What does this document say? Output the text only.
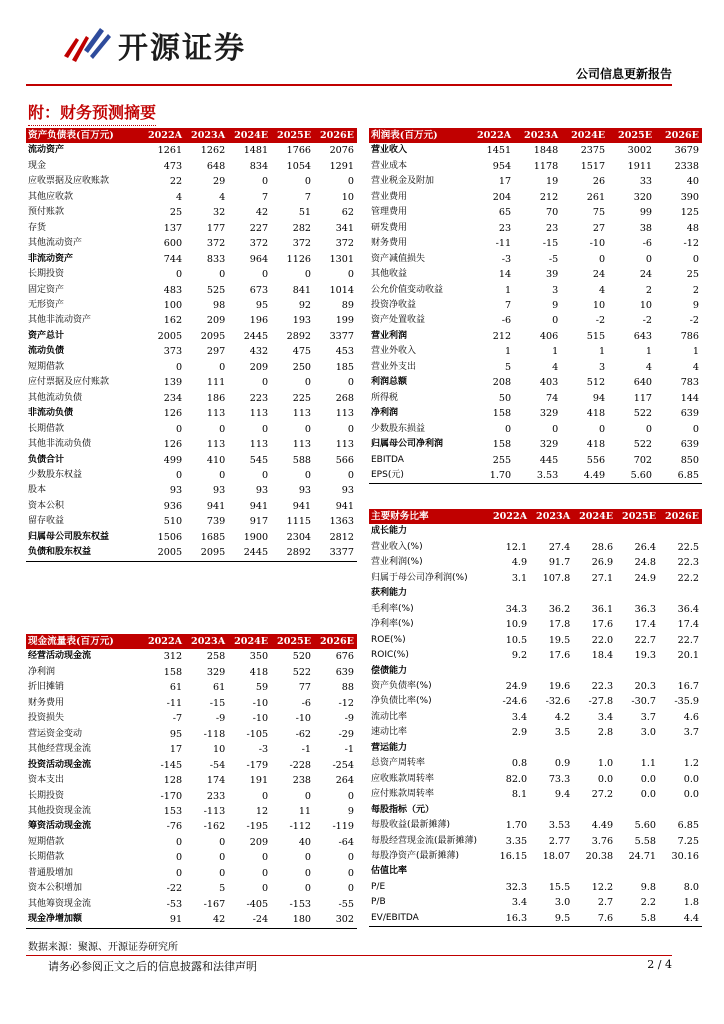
开源证券
公司信息更新报告
附：财务预测摘要
资产负债表(百万元)	2022A	2023A	2024E	2025E	2026E
流动资产	1261	1262	1481	1766	2076
现金	473	648	834	1054	1291
应收票据及应收账款	22	29	0	0	0
其他应收款	4	4	7	7	10
预付账款	25	32	42	51	62
存货	137	177	227	282	341
其他流动资产	600	372	372	372	372
非流动资产	744	833	964	1126	1301
长期投资	0	0	0	0	0
固定资产	483	525	673	841	1014
无形资产	100	98	95	92	89
其他非流动资产	162	209	196	193	199
资产总计	2005	2095	2445	2892	3377
流动负债	373	297	432	475	453
短期借款	0	0	209	250	185
应付票据及应付账款	139	111	0	0	0
其他流动负债	234	186	223	225	268
非流动负债	126	113	113	113	113
长期借款	0	0	0	0	0
其他非流动负债	126	113	113	113	113
负债合计	499	410	545	588	566
少数股东权益	0	0	0	0	0
股本	93	93	93	93	93
资本公积	936	941	941	941	941
留存收益	510	739	917	1115	1363
归属母公司股东权益	1506	1685	1900	2304	2812
负债和股东权益	2005	2095	2445	2892	3377
现金流量表(百万元)	2022A	2023A	2024E	2025E	2026E
经营活动现金流	312	258	350	520	676
净利润	158	329	418	522	639
折旧摊销	61	61	59	77	88
财务费用	-11	-15	-10	-6	-12
投资损失	-7	-9	-10	-10	-9
营运资金变动	95	-118	-105	-62	-29
其他经营现金流	17	10	-3	-1	-1
投资活动现金流	-145	-54	-179	-228	-254
资本支出	128	174	191	238	264
长期投资	-170	233	0	0	0
其他投资现金流	153	-113	12	11	9
筹资活动现金流	-76	-162	-195	-112	-119
短期借款	0	0	209	40	-64
长期借款	0	0	0	0	0
普通股增加	0	0	0	0	0
资本公积增加	-22	5	0	0	0
其他筹资现金流	-53	-167	-405	-153	-55
现金净增加额	91	42	-24	180	302
利润表(百万元)	2022A	2023A	2024E	2025E	2026E
营业收入	1451	1848	2375	3002	3679
营业成本	954	1178	1517	1911	2338
营业税金及附加	17	19	26	33	40
营业费用	204	212	261	320	390
管理费用	65	70	75	99	125
研发费用	23	23	27	38	48
财务费用	-11	-15	-10	-6	-12
资产减值损失	-3	-5	0	0	0
其他收益	14	39	24	24	25
公允价值变动收益	1	3	4	2	2
投资净收益	7	9	10	10	9
资产处置收益	-6	0	-2	-2	-2
营业利润	212	406	515	643	786
营业外收入	1	1	1	1	1
营业外支出	5	4	3	4	4
利润总额	208	403	512	640	783
所得税	50	74	94	117	144
净利润	158	329	418	522	639
少数股东损益	0	0	0	0	0
归属母公司净利润	158	329	418	522	639
EBITDA	255	445	556	702	850
EPS(元)	1.70	3.53	4.49	5.60	6.85
主要财务比率	2022A	2023A	2024E	2025E	2026E
成长能力					
营业收入(%)	12.1	27.4	28.6	26.4	22.5
营业利润(%)	4.9	91.7	26.9	24.8	22.3
归属于母公司净利润(%)	3.1	107.8	27.1	24.9	22.2
获利能力					
毛利率(%)	34.3	36.2	36.1	36.3	36.4
净利率(%)	10.9	17.8	17.6	17.4	17.4
ROE(%)	10.5	19.5	22.0	22.7	22.7
ROIC(%)	9.2	17.6	18.4	19.3	20.1
偿债能力					
资产负债率(%)	24.9	19.6	22.3	20.3	16.7
净负债比率(%)	-24.6	-32.6	-27.8	-30.7	-35.9
流动比率	3.4	4.2	3.4	3.7	4.6
速动比率	2.9	3.5	2.8	3.0	3.7
营运能力					
总资产周转率	0.8	0.9	1.0	1.1	1.2
应收账款周转率	82.0	73.3	0.0	0.0	0.0
应付账款周转率	8.1	9.4	27.2	0.0	0.0
每股指标（元）					
每股收益(最新摊薄)	1.70	3.53	4.49	5.60	6.85
每股经营现金流(最新摊薄)	3.35	2.77	3.76	5.58	7.25
每股净资产(最新摊薄)	16.15	18.07	20.38	24.71	30.16
估值比率					
P/E	32.3	15.5	12.2	9.8	8.0
P/B	3.4	3.0	2.7	2.2	1.8
EV/EBITDA	16.3	9.5	7.6	5.8	4.4
数据来源：聚源、开源证券研究所
请务必参阅正文之后的信息披露和法律声明	2 / 4
